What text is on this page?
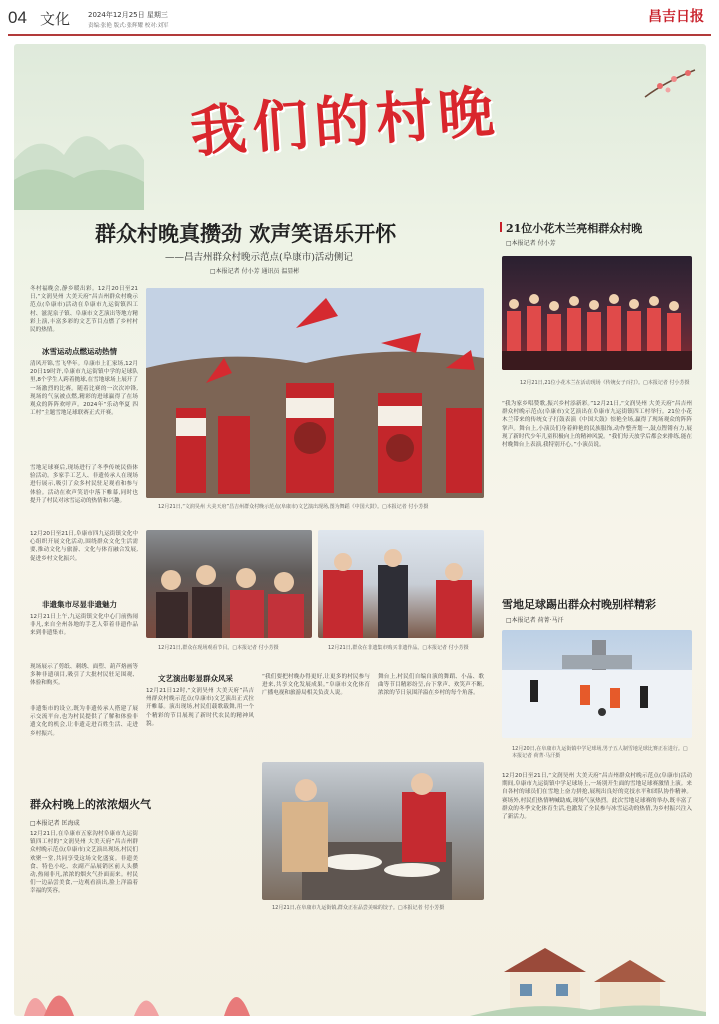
04 文化	2024年12月25日 星期三
责编:张艳 版式:张辉耀 校对:刘军
昌吉日报
我们的村晚
群众村晚真攒劲 欢声笑语乐开怀
——昌吉州群众村晚示范点(阜康市)活动侧记
□本报记者 付小芳 通讯员 温显彬
冬村福晚会,静乡暖出彩。12月20日至21日,“文润昊州 大美天府”昌吉州群众村晚示范点(阜康市)活动在阜康市九运街镇四工村、滋泥泉子镇、阜康市文艺演出等地方精彩上演,丰富多彩的文艺节目点燃了乡村村民的热情。
冰雪运动点燃运动热情
清风开锦,雪飞华年。阜康市上汇家场,12月20日19时许,阜康市九运街镇中学的足球队里,8个学生人跨着抛球,在雪地球场上展开了一场激烈的比赛。随着比赛的一次次冲锋,现场的气氛被点燃,精彩的进球赢得了在场观众的阵阵欢呼声。2024年“乐动华夏 四工村”主题雪地足球联赛正式开赛。
雪地足球赛后,现场进行了冬季传统民俗体验活动。多家手工艺人、非遗传承人在现场进行展示,吸引了众多村民驻足观看和参与体验。活动在欢声笑语中落下帷幕,同时也提升了村民对冰雪运动的热情和兴趣。
12月20日至21日,阜康市四九运街镇文化中心组织开展文化活动,围绕群众文化生活需要,推动文化与旅游、文化与体育融合发展,促进乡村文化振兴。
非遗集市尽显非遗魅力
12月21日上午,九运街镇文化中心门前热闹非凡,来自全州各地的手艺人带着非遗作品来到非遗集市。
现场展示了剪纸、刺绣、面塑、葫芦烙画等多种非遗项目,吸引了大批村民驻足围观、体验和购买。
非遗集市的设立,既为非遗传承人搭建了展示交流平台,也为村民提供了了解和体验非遗文化的机会,让非遗走进百姓生活、走进乡村振兴。
12月21日,“文润昊州 大美天府”昌吉州群众村晚示范点(阜康市)文艺演出现场,图为舞蹈《中国大鼓》。□本报记者 付小芳摄
12月21日,群众在现场观看节目。□本报记者 付小芳摄	12月21日,群众在非遗集市购买非遗作品。□本报记者 付小芳摄
文艺演出彰显群众风采
12月21日12时,“文润昊州 大美天府”昌吉州群众村晚示范点(阜康市)文艺演出正式拉开帷幕。演出现场,村民们载歌载舞,用一个个精彩的节目展现了新时代农民的精神风貌。
“我们要把村晚办得更好,让更多的村民参与进来,共享文化发展成果。”阜康市文化体育广播电视和旅游局相关负责人说。
舞台上,村民们自编自演的舞蹈、小品、歌曲等节目精彩纷呈,台下掌声、欢笑声不断,浓浓的节日氛围洋溢在乡村的每个角落。
群众村晚上的浓浓烟火气
□本报记者 匡海成
12月21日,在阜康市五家沟村阜康市九运街镇四工村的“文润昊州 大美天府”昌吉州群众村晚示范点(阜康市)文艺演出现场,村民们欢聚一堂,共同享受这场文化盛宴。非遗美食、特色小吃、农副产品展销区前人头攒动,热闹非凡,浓浓的烟火气扑面而来。村民们一边品尝美食,一边观看演出,脸上洋溢着幸福的笑容。
12月21日,在阜康市九运街镇,群众正在品尝美味的饺子。□本报记者 付小芳摄
21位小花木兰亮相群众村晚
□本报记者 付小芳
12月21日,21位小花木兰在活动现场《传统女子百打》。□本报记者 付小芳摄
“我为家乡唱赞歌,振兴乡村添新彩。”12月21日,“文润昊州 大美天府”昌吉州群众村晚示范点(阜康市)文艺演出在阜康市九运街镇四工村举行。21位小花木兰带来的传统女子打鼓表演《中国大鼓》惊艳全场,赢得了现场观众的阵阵掌声。舞台上,小演员们身着鲜艳的民族服饰,动作整齐划一,鼓点铿锵有力,展现了新时代少年儿童积极向上的精神风貌。“我们每天放学后都会来排练,能在村晚舞台上表演,我特别开心。”小演员说。
雪地足球踢出群众村晚别样精彩
□本报记者 荷菁·马汗
12月20日,在阜康市九运街镇中学足球场,男子五人制雪地足球比赛正在进行。□本报记者 荷菁·马汗摄
12月20日至21日,“文润昊州 大美天府”昌吉州群众村晚示范点(阜康市)活动期间,阜康市九运街镇中学足球场上,一场别开生面的雪地足球赛激情上演。来自各村的球员们在雪地上奋力拼抢,展现出良好的竞技水平和团队协作精神。赛场外,村民们热情呐喊助威,现场气氛热烈。此次雪地足球赛的举办,既丰富了群众的冬季文化体育生活,也激发了全民参与冰雪运动的热情,为乡村振兴注入了新活力。
